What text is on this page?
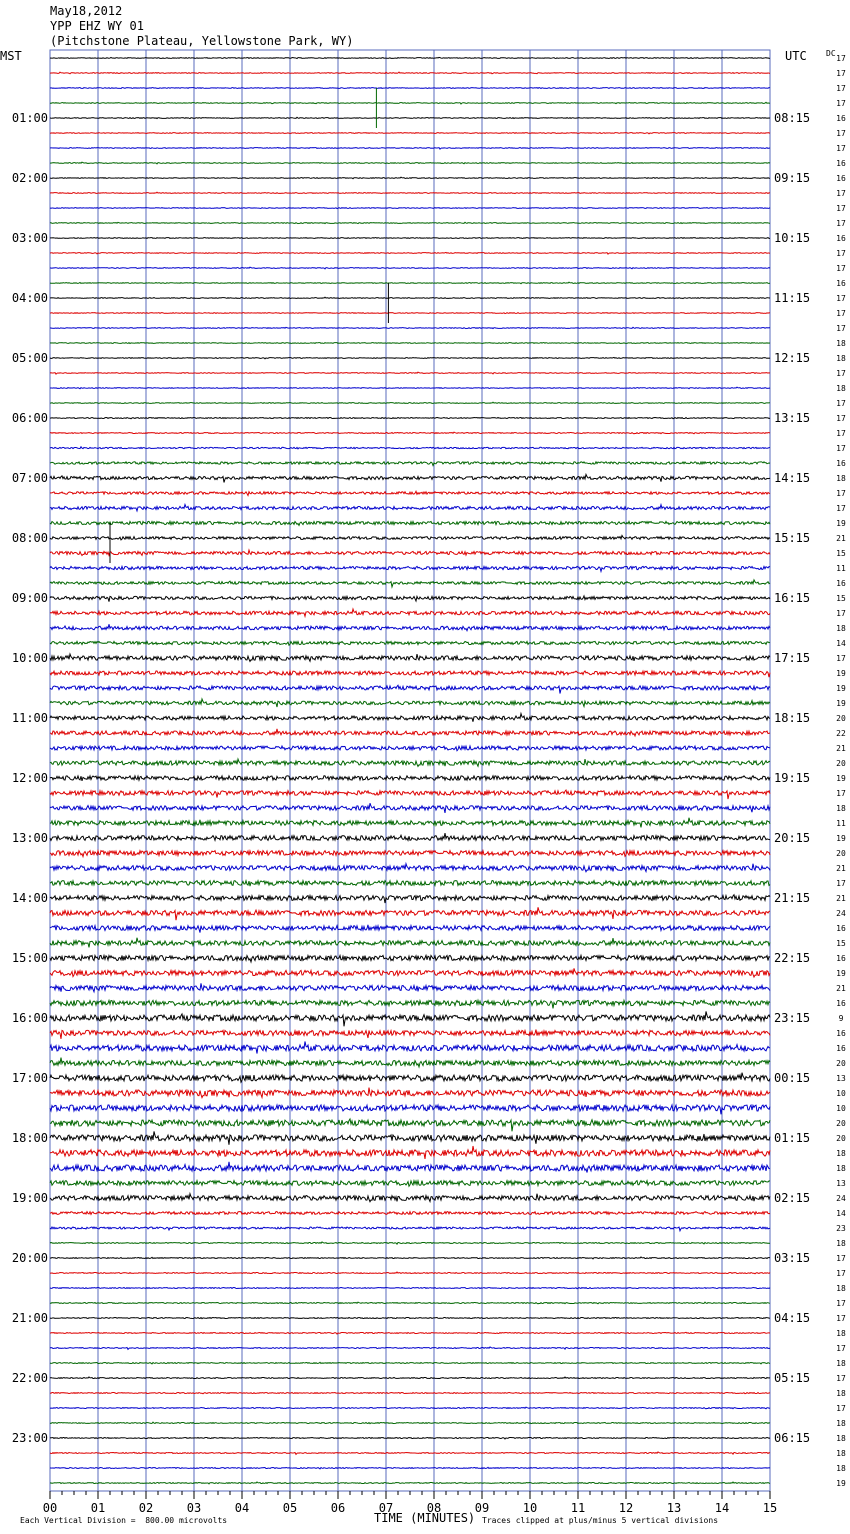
May18,2012
YPP EHZ WY 01
(Pitchstone Plateau, Yellowstone Park, WY)
MST	UTC DC
00	01	02	03	04	05	06	07	08	09	10	11	12	13	14	15
01:00
02:00
03:00
04:00
05:00
06:00
07:00
08:00
09:00
10:00
11:00
12:00
13:00
14:00
15:00
16:00
17:00
18:00
19:00
20:00
21:00
22:00
23:00
08:15
09:15
10:15
11:15
12:15
13:15
14:15
15:15
16:15
17:15
18:15
19:15
20:15
21:15
22:15
23:15
00:15
01:15
02:15
03:15
04:15
05:15
06:15
17
17
17
17
16
17
17
16
16
17
17
17
16
17
17
16
17
17
17
18
18
17
18
17
17
17
17
16
18
17
17
19
21
15
11
16
15
17
18
14
17
19
19
19
20
22
21
20
19
17
18
11
19
20
21
17
21
24
16
15
16
19
21
16
9
16
16
20
13
10
10
20
20
18
18
13
24
14
23
18
17
17
18
17
17
18
17
18
17
18
17
18
18
18
18
19
TIME (MINUTES)
Each Vertical Division =  800.00 microvolts	Traces clipped at plus/minus 5 vertical divisions
